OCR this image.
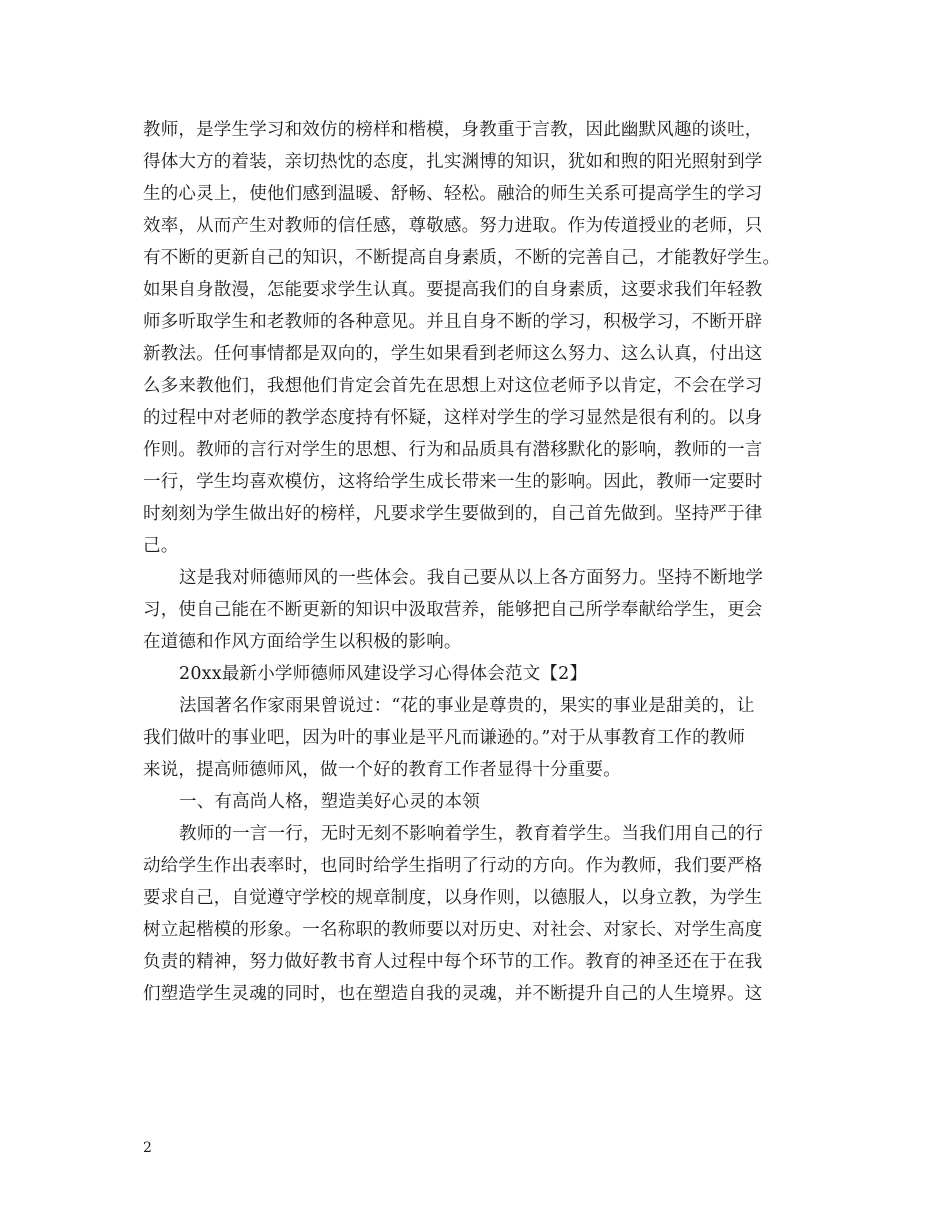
教师，是学生学习和效仿的榜样和楷模，身教重于言教，因此幽默风趣的谈吐，
得体大方的着装，亲切热忱的态度，扎实渊博的知识，犹如和煦的阳光照射到学
生的心灵上，使他们感到温暖、舒畅、轻松。融洽的师生关系可提高学生的学习
效率，从而产生对教师的信任感，尊敬感。努力进取。作为传道授业的老师，只
有不断的更新自己的知识，不断提高自身素质，不断的完善自己，才能教好学生。
如果自身散漫，怎能要求学生认真。要提高我们的自身素质，这要求我们年轻教
师多听取学生和老教师的各种意见。并且自身不断的学习，积极学习，不断开辟
新教法。任何事情都是双向的，学生如果看到老师这么努力、这么认真，付出这
么多来教他们，我想他们肯定会首先在思想上对这位老师予以肯定，不会在学习
的过程中对老师的教学态度持有怀疑，这样对学生的学习显然是很有利的。以身
作则。教师的言行对学生的思想、行为和品质具有潜移默化的影响，教师的一言
一行，学生均喜欢模仿，这将给学生成长带来一生的影响。因此，教师一定要时
时刻刻为学生做出好的榜样，凡要求学生要做到的，自己首先做到。坚持严于律
己。
这是我对师德师风的一些体会。我自己要从以上各方面努力。坚持不断地学
习，使自己能在不断更新的知识中汲取营养，能够把自己所学奉献给学生，更会
在道德和作风方面给学生以积极的影响。
20xx最新小学师德师风建设学习心得体会范文【2】
法国著名作家雨果曾说过：“花的事业是尊贵的，果实的事业是甜美的，让
我们做叶的事业吧，因为叶的事业是平凡而谦逊的。”对于从事教育工作的教师
来说，提高师德师风，做一个好的教育工作者显得十分重要。
一、有高尚人格，塑造美好心灵的本领
教师的一言一行，无时无刻不影响着学生，教育着学生。当我们用自己的行
动给学生作出表率时，也同时给学生指明了行动的方向。作为教师，我们要严格
要求自己，自觉遵守学校的规章制度，以身作则，以德服人，以身立教，为学生
树立起楷模的形象。一名称职的教师要以对历史、对社会、对家长、对学生高度
负责的精神，努力做好教书育人过程中每个环节的工作。教育的神圣还在于在我
们塑造学生灵魂的同时，也在塑造自我的灵魂，并不断提升自己的人生境界。这
2
